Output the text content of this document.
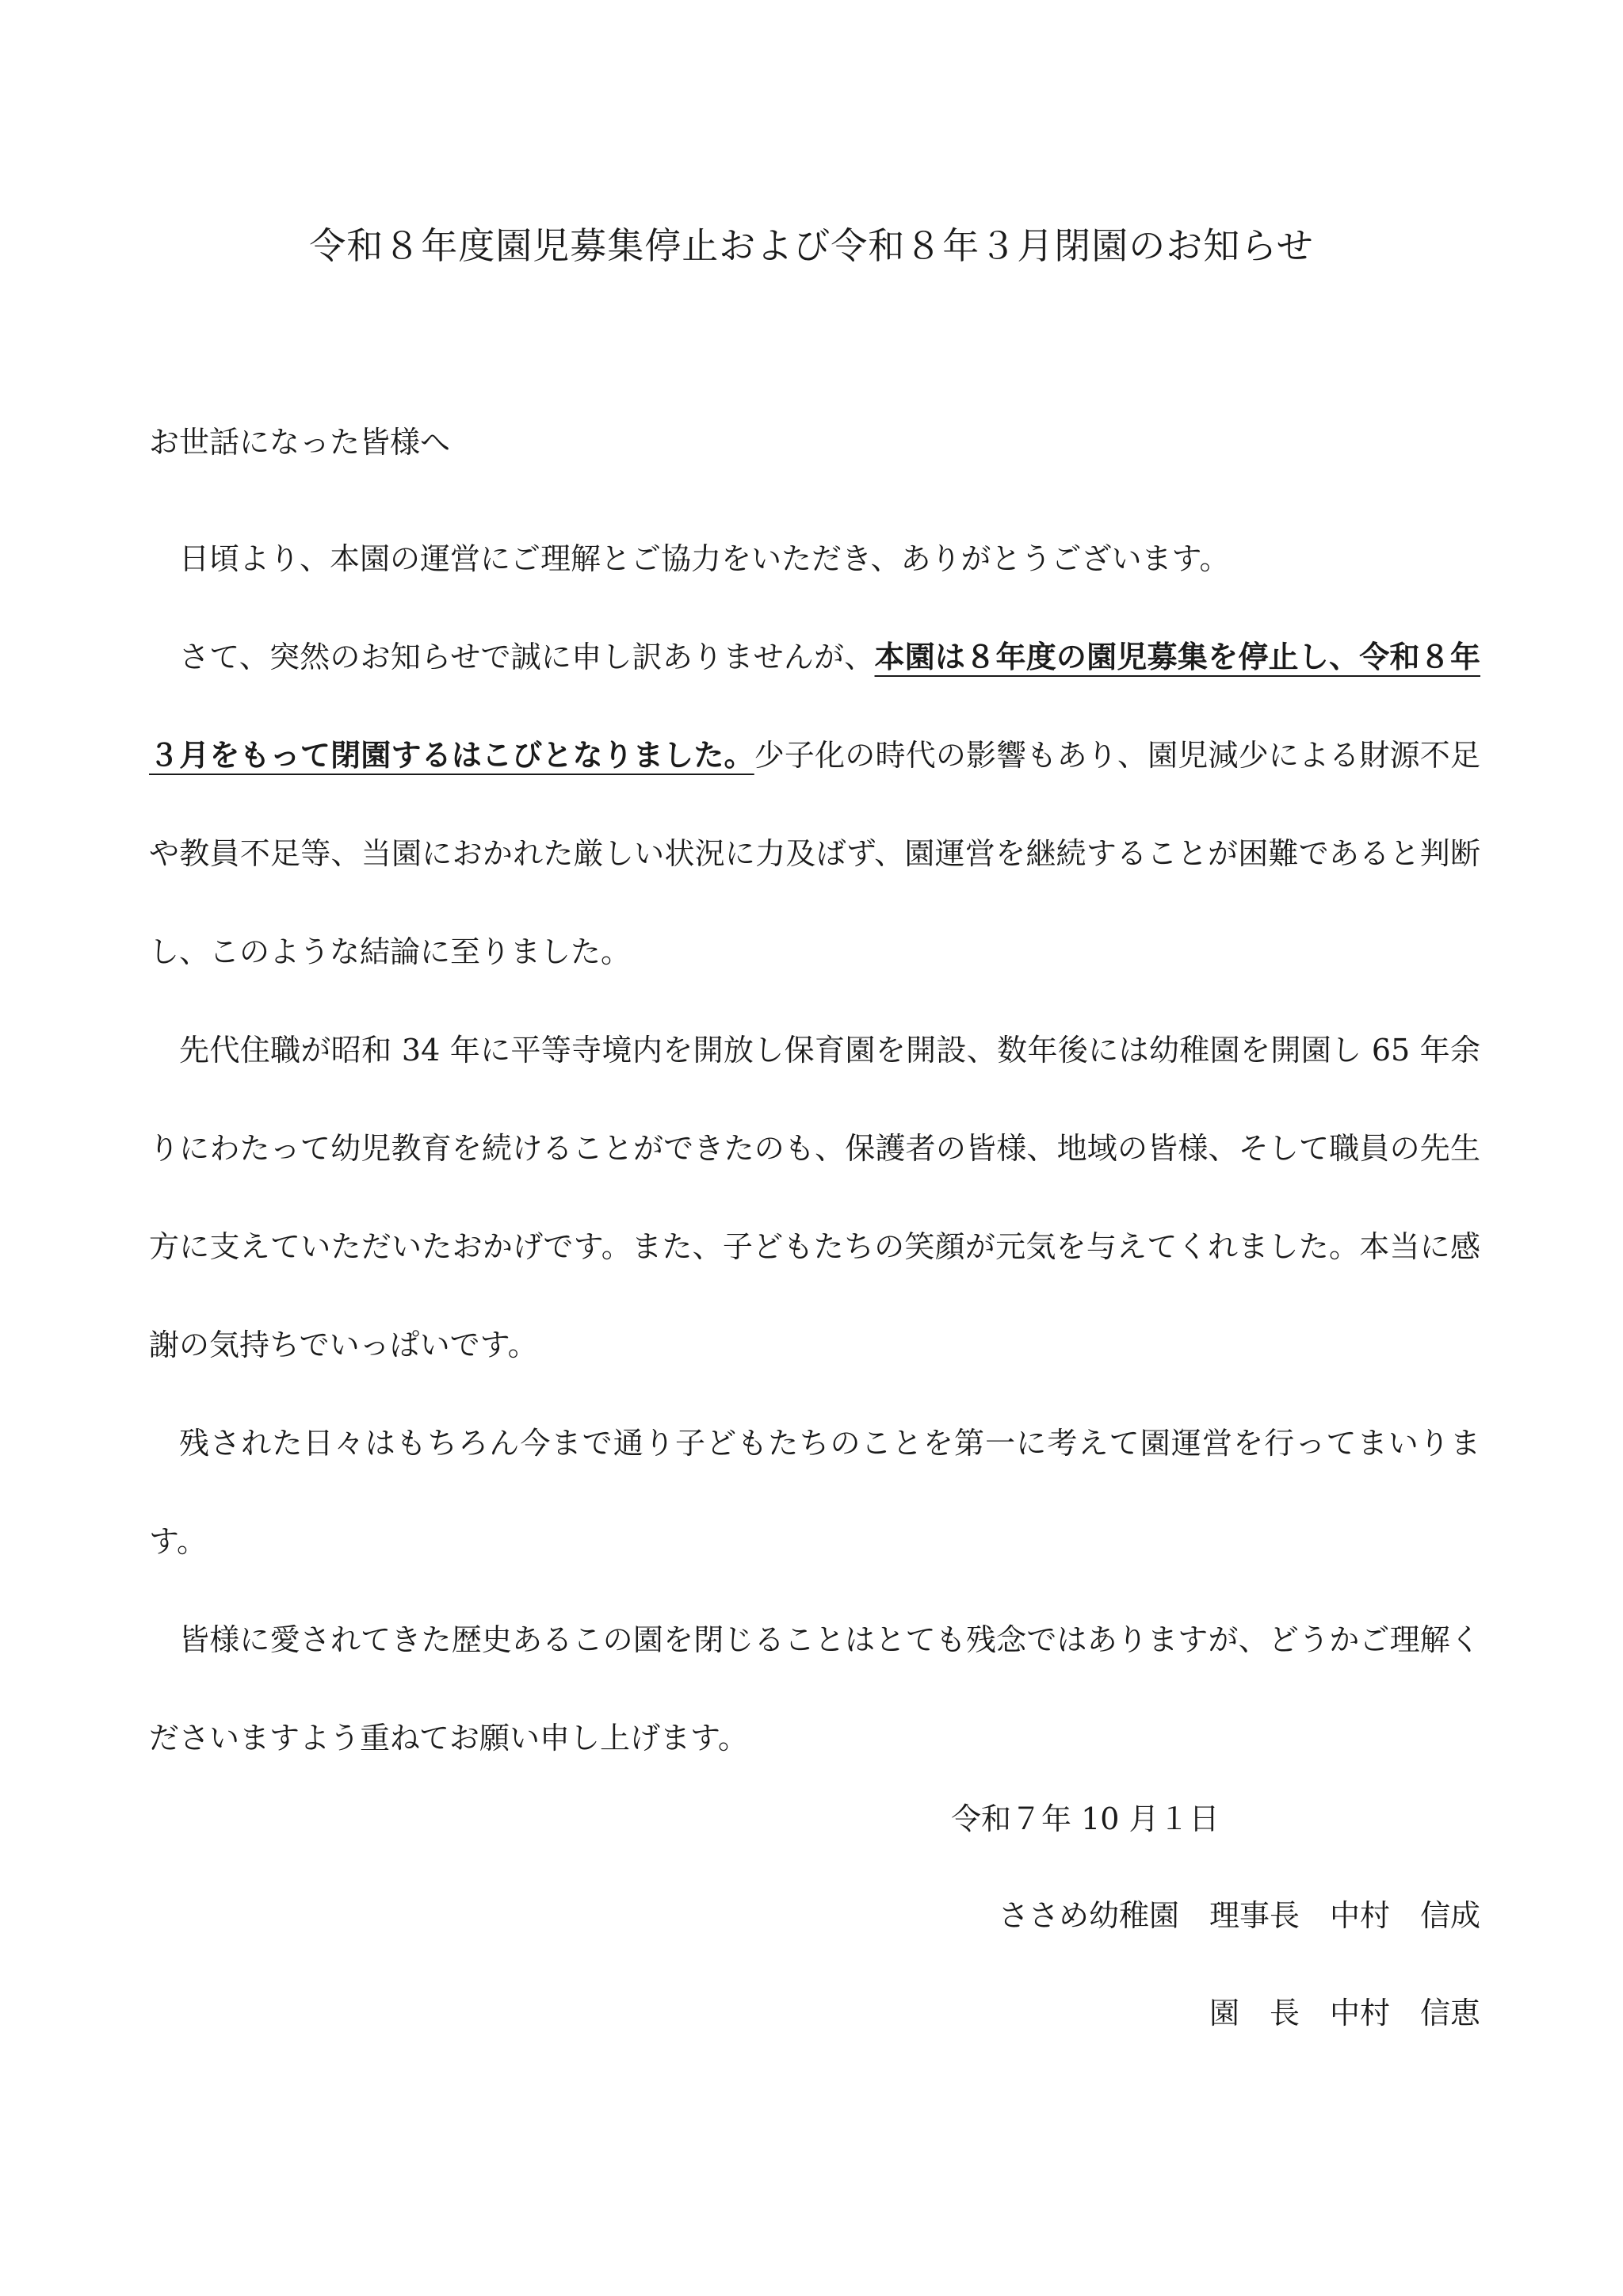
令和８年度園児募集停止および令和８年３月閉園のお知らせ
お世話になった皆様へ

日頃より、本園の運営にご理解とご協力をいただき、ありがとうございます。

さて、突然のお知らせで誠に申し訳ありませんが、本園は８年度の園児募集を停止し、令和８年３月をもって閉園するはこびとなりました。少子化の時代の影響もあり、園児減少による財源不足や教員不足等、当園におかれた厳しい状況に力及ばず、園運営を継続することが困難であると判断し、このような結論に至りました。

先代住職が昭和 34 年に平等寺境内を開放し保育園を開設、数年後には幼稚園を開園し 65 年余りにわたって幼児教育を続けることができたのも、保護者の皆様、地域の皆様、そして職員の先生方に支えていただいたおかげです。また、子どもたちの笑顔が元気を与えてくれました。本当に感謝の気持ちでいっぱいです。

残された日々はもちろん今まで通り子どもたちのことを第一に考えて園運営を行ってまいります。

皆様に愛されてきた歴史あるこの園を閉じることはとても残念ではありますが、どうかご理解くださいますよう重ねてお願い申し上げます。

令和７年 10 月１日
ささめ幼稚園　理事長　中村　信成
園　長　中村　信恵
